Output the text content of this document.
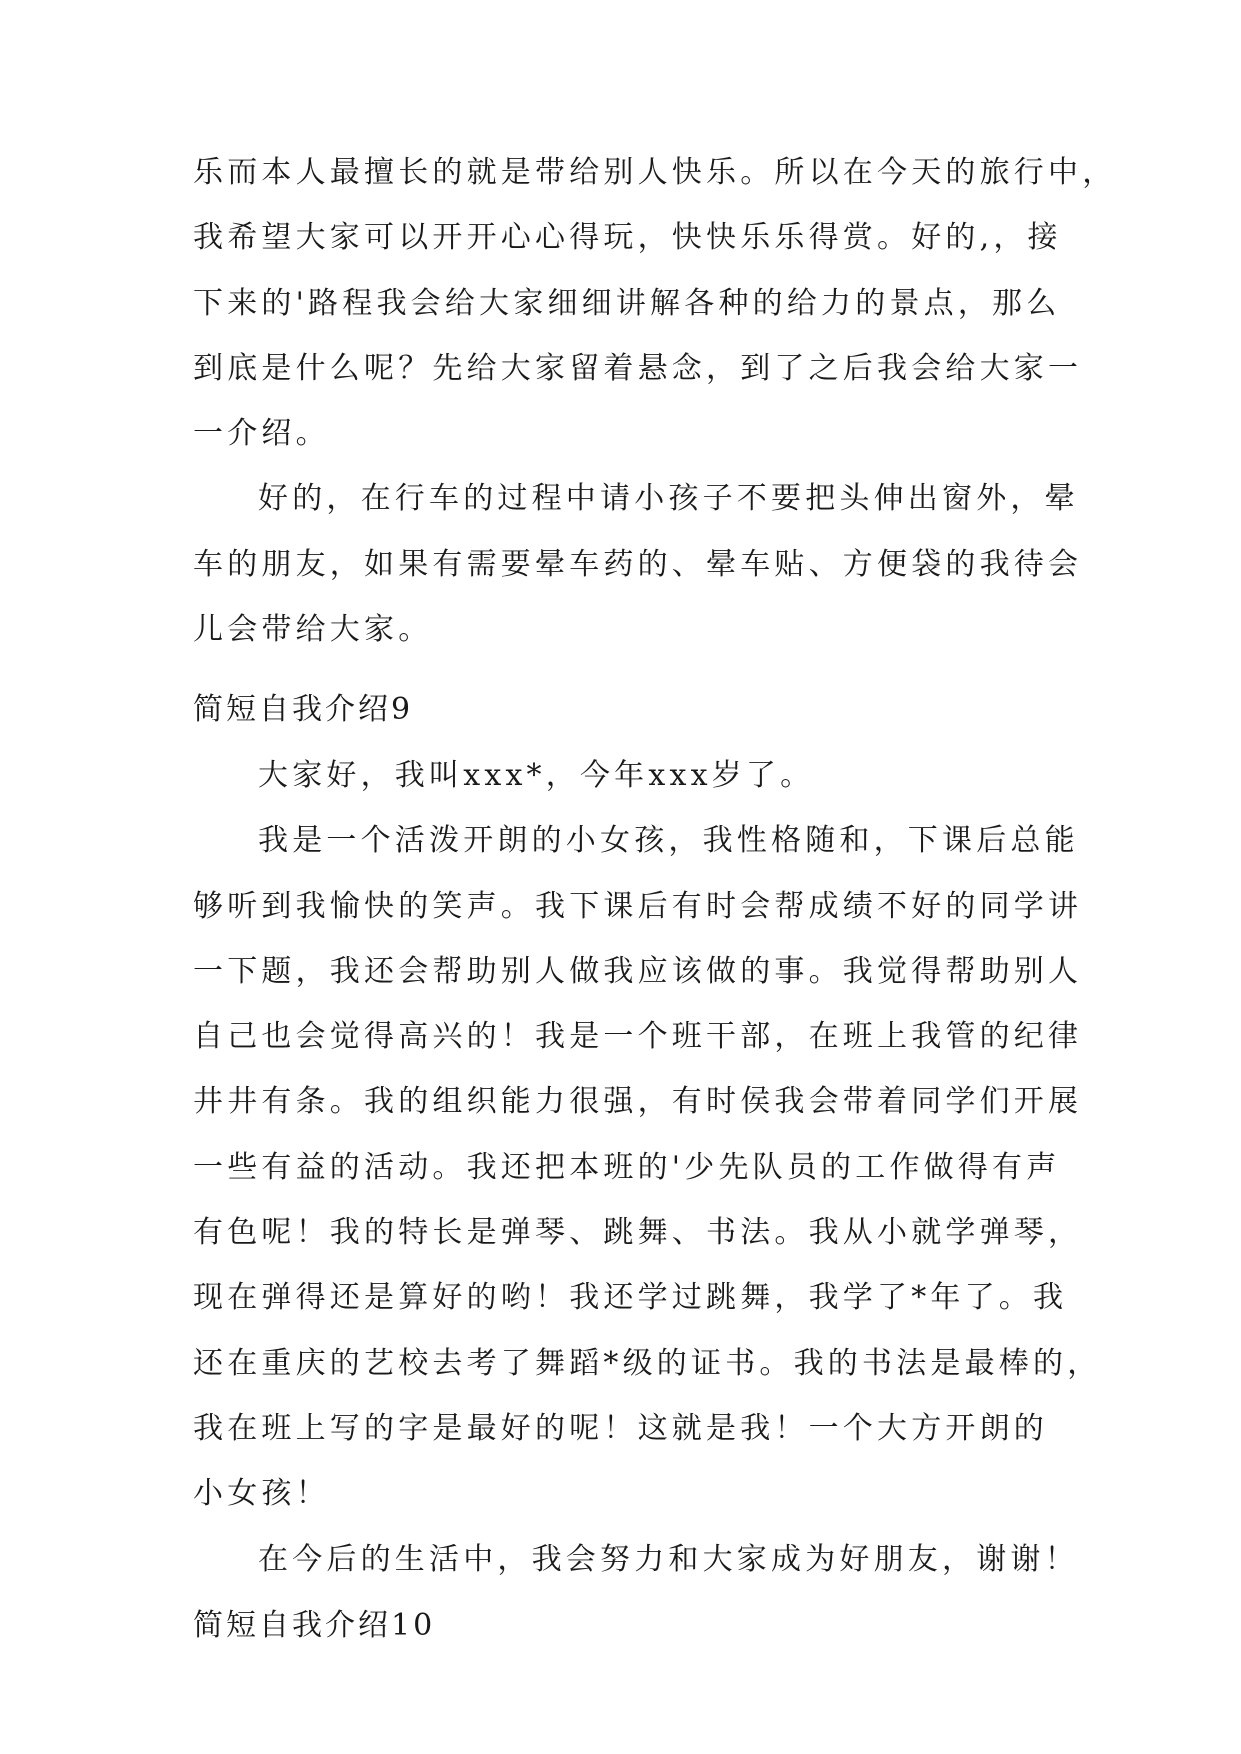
乐而本人最擅长的就是带给别人快乐。所以在今天的旅行中，
我希望大家可以开开心心得玩，快快乐乐得赏。好的,，接
下来的'路程我会给大家细细讲解各种的给力的景点，那么
到底是什么呢？先给大家留着悬念，到了之后我会给大家一
一介绍。
好的，在行车的过程中请小孩子不要把头伸出窗外，晕
车的朋友，如果有需要晕车药的、晕车贴、方便袋的我待会
儿会带给大家。
简短自我介绍9
大家好，我叫xxx*，今年xxx岁了。
我是一个活泼开朗的小女孩，我性格随和，下课后总能
够听到我愉快的笑声。我下课后有时会帮成绩不好的同学讲
一下题，我还会帮助别人做我应该做的事。我觉得帮助别人
自己也会觉得高兴的！我是一个班干部，在班上我管的纪律
井井有条。我的组织能力很强，有时侯我会带着同学们开展
一些有益的活动。我还把本班的'少先队员的工作做得有声
有色呢！我的特长是弹琴、跳舞、书法。我从小就学弹琴，
现在弹得还是算好的哟！我还学过跳舞，我学了*年了。我
还在重庆的艺校去考了舞蹈*级的证书。我的书法是最棒的，
我在班上写的字是最好的呢！这就是我！一个大方开朗的
小女孩！
在今后的生活中，我会努力和大家成为好朋友，谢谢！
简短自我介绍10
